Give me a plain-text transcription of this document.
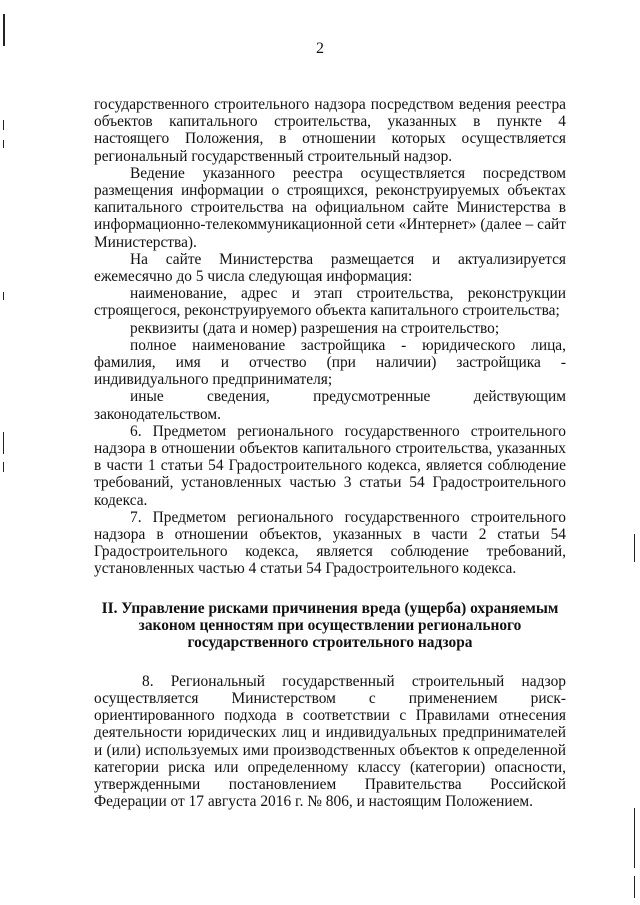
2

государственного строительного надзора посредством ведения реестра объектов капитального строительства, указанных в пункте 4 настоящего Положения, в отношении которых осуществляется региональный государственный строительный надзор.

Ведение указанного реестра осуществляется посредством размещения информации о строящихся, реконструируемых объектах капитального строительства на официальном сайте Министерства в информационно-телекоммуникационной сети «Интернет» (далее – сайт Министерства).

На сайте Министерства размещается и актуализируется ежемесячно до 5 числа следующая информация:

наименование, адрес и этап строительства, реконструкции строящегося, реконструируемого объекта капитального строительства;

реквизиты (дата и номер) разрешения на строительство;

полное наименование застройщика - юридического лица, фамилия, имя и отчество (при наличии) застройщика - индивидуального предпринимателя;

иные сведения, предусмотренные действующим законодательством.

6. Предметом регионального государственного строительного надзора в отношении объектов капитального строительства, указанных в части 1 статьи 54 Градостроительного кодекса, является соблюдение требований, установленных частью 3 статьи 54 Градостроительного кодекса.

7. Предметом регионального государственного строительного надзора в отношении объектов, указанных в части 2 статьи 54 Градостроительного кодекса, является соблюдение требований, установленных частью 4 статьи 54 Градостроительного кодекса.

II. Управление рисками причинения вреда (ущерба) охраняемым законом ценностям при осуществлении регионального государственного строительного надзора

8. Региональный государственный строительный надзор осуществляется Министерством с применением риск-ориентированного подхода в соответствии с Правилами отнесения деятельности юридических лиц и индивидуальных предпринимателей и (или) используемых ими производственных объектов к определенной категории риска или определенному классу (категории) опасности, утвержденными постановлением Правительства Российской Федерации от 17 августа 2016 г. № 806, и настоящим Положением.
